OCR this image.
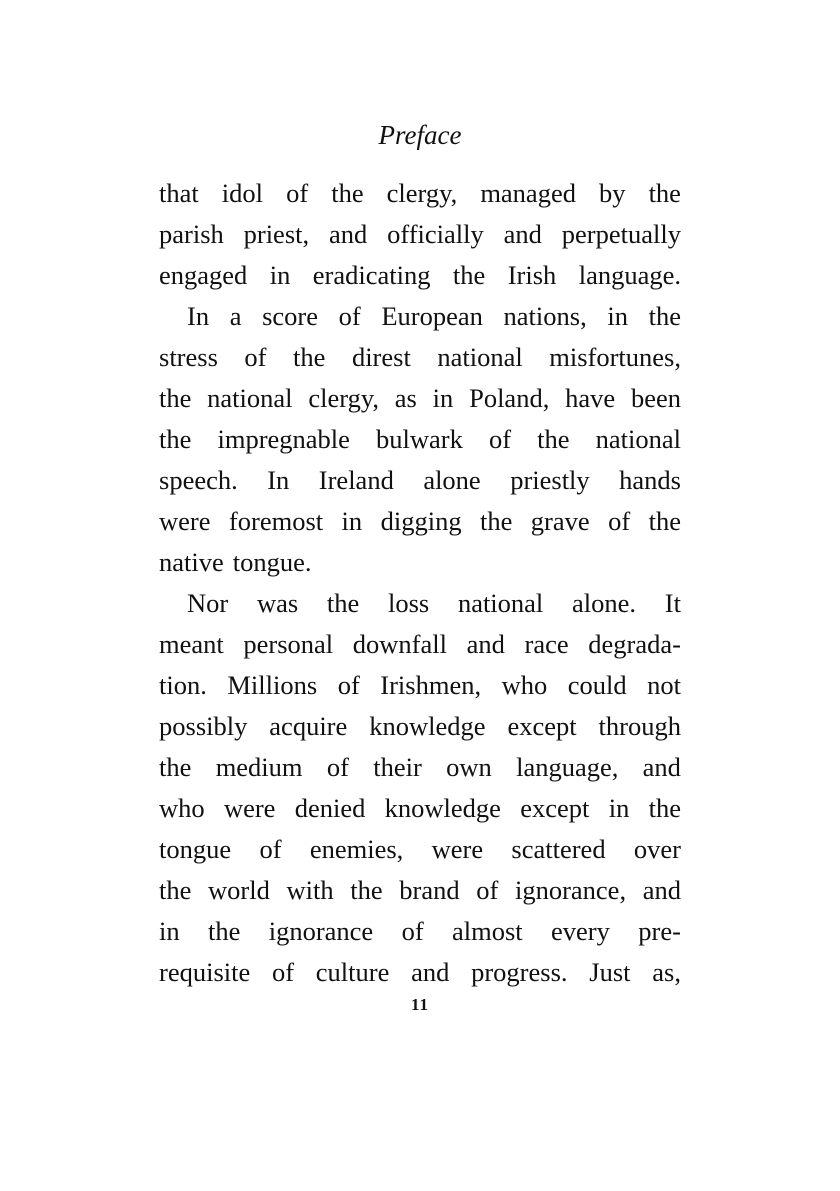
Preface
that idol of the clergy, managed by the
parish priest, and officially and perpetually
engaged in eradicating the Irish language.
In a score of European nations, in the
stress of the direst national misfortunes,
the national clergy, as in Poland, have been
the impregnable bulwark of the national
speech. In Ireland alone priestly hands
were foremost in digging the grave of the
native tongue.
Nor was the loss national alone. It
meant personal downfall and race degrada-
tion. Millions of Irishmen, who could not
possibly acquire knowledge except through
the medium of their own language, and
who were denied knowledge except in the
tongue of enemies, were scattered over
the world with the brand of ignorance, and
in the ignorance of almost every pre-
requisite of culture and progress. Just as,
11
